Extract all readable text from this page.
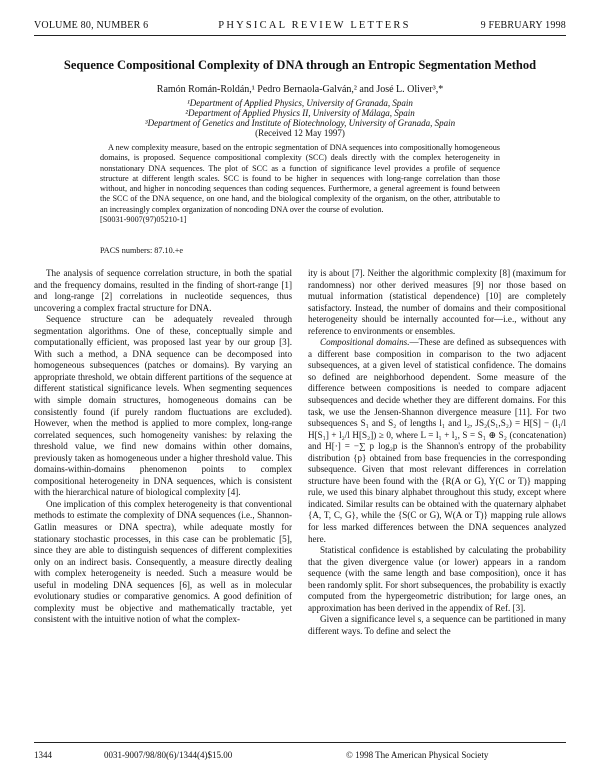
VOLUME 80, NUMBER 6	PHYSICAL REVIEW LETTERS	9 FEBRUARY 1998
Sequence Compositional Complexity of DNA through an Entropic Segmentation Method
Ramón Román-Roldán,¹ Pedro Bernaola-Galván,² and José L. Oliver³,*
¹Department of Applied Physics, University of Granada, Spain
²Department of Applied Physics II, University of Málaga, Spain
³Department of Genetics and Institute of Biotechnology, University of Granada, Spain
(Received 12 May 1997)
A new complexity measure, based on the entropic segmentation of DNA sequences into compositionally homogeneous domains, is proposed. Sequence compositional complexity (SCC) deals directly with the complex heterogeneity in nonstationary DNA sequences. The plot of SCC as a function of significance level provides a profile of sequence structure at different length scales. SCC is found to be higher in sequences with long-range correlation than those without, and higher in noncoding sequences than coding sequences. Furthermore, a general agreement is found between the SCC of the DNA sequence, on one hand, and the biological complexity of the organism, on the other, attributable to an increasingly complex organization of noncoding DNA over the course of evolution.
[S0031-9007(97)05210-1]
PACS numbers: 87.10.+e

The analysis of sequence correlation structure, in both the spatial and the frequency domains, resulted in the finding of short-range [1] and long-range [2] correlations in nucleotide sequences, thus uncovering a complex fractal structure for DNA.

Sequence structure can be adequately revealed through segmentation algorithms. One of these, conceptually simple and computationally efficient, was proposed last year by our group [3]. With such a method, a DNA sequence can be decomposed into homogeneous subsequences (patches or domains). By varying an appropriate threshold, we obtain different partitions of the sequence at different statistical significance levels. When segmenting sequences with simple domain structures, homogeneous domains can be consistently found (if purely random fluctuations are excluded). However, when the method is applied to more complex, long-range correlated sequences, such homogeneity vanishes: by relaxing the threshold value, we find new domains within other domains, previously taken as homogeneous under a higher threshold value. This domains-within-domains phenomenon points to complex compositional heterogeneity in DNA sequences, which is consistent with the hierarchical nature of biological complexity [4].

One implication of this complex heterogeneity is that conventional methods to estimate the complexity of DNA sequences (i.e., Shannon-Gatlin measures or DNA spectra), while adequate mostly for stationary stochastic processes, in this case can be problematic [5], since they are able to distinguish sequences of different complexities only on an indirect basis. Consequently, a measure directly dealing with complex heterogeneity is needed. Such a measure would be useful in modeling DNA sequences [6], as well as in molecular evolutionary studies or comparative genomics. A good definition of complexity must be objective and mathematically tractable, yet consistent with the intuitive notion of what the complex-

ity is about [7]. Neither the algorithmic complexity [8] (maximum for randomness) nor other derived measures [9] nor those based on mutual information (statistical dependence) [10] are completely satisfactory. Instead, the number of domains and their compositional heterogeneity should be internally accounted for—i.e., without any reference to environments or ensembles.

Compositional domains.—These are defined as subsequences with a different base composition in comparison to the two adjacent subsequences, at a given level of statistical confidence. The domains so defined are neighborhood dependent. Some measure of the difference between compositions is needed to compare adjacent subsequences and decide whether they are different domains. For this task, we use the Jensen-Shannon divergence measure [11]. For two subsequences S₁ and S₂ of lengths l₁ and l₂, JS₂(S₁,S₂) = H[S] − (l₁/l H[S₁] + l₂/l H[S₂]) ≥ 0, where L = l₁ + l₂, S = S₁ ⊕ S₂ (concatenation) and H[·] = −∑ p log₂p is the Shannon's entropy of the probability distribution {p} obtained from base frequencies in the corresponding subsequence. Given that most relevant differences in correlation structure have been found with the {R(A or G), Y(C or T)} mapping rule, we used this binary alphabet throughout this study, except where indicated. Similar results can be obtained with the quaternary alphabet {A, T, C, G}, while the {S(C or G), W(A or T)} mapping rule allows for less marked differences between the DNA sequences analyzed here.

Statistical confidence is established by calculating the probability that the given divergence value (or lower) appears in a random sequence (with the same length and base composition), once it has been randomly split. For short subsequences, the probability is exactly computed from the hypergeometric distribution; for large ones, an approximation has been derived in the appendix of Ref. [3].

Given a significance level s, a sequence can be partitioned in many different ways. To define and select the

1344	0031-9007/98/80(6)/1344(4)$15.00	© 1998 The American Physical Society
